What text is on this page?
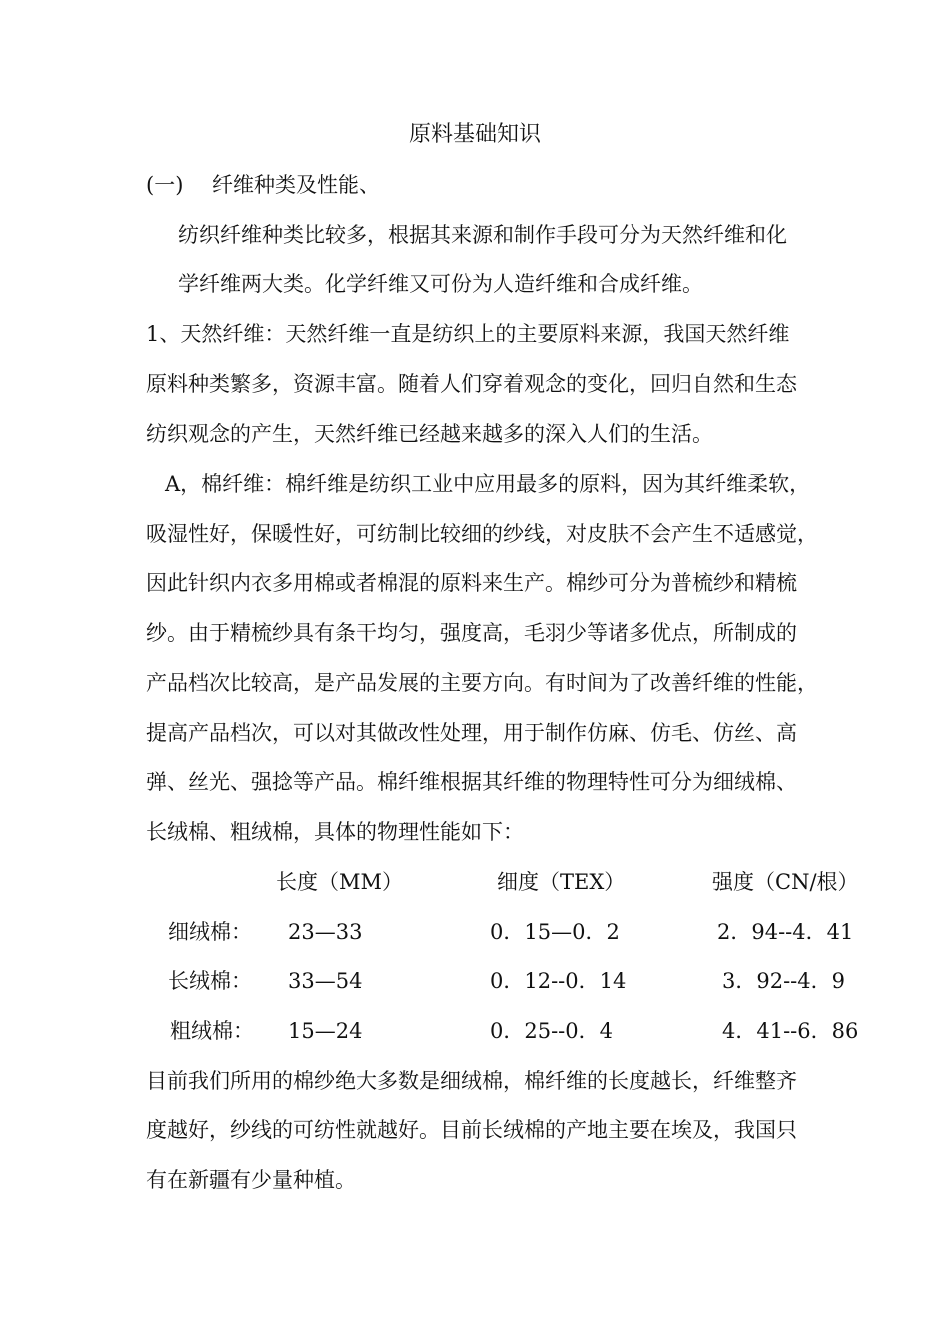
原料基础知识
(一) 纤维种类及性能、
纺织纤维种类比较多，根据其来源和制作手段可分为天然纤维和化
学纤维两大类。化学纤维又可份为人造纤维和合成纤维。
1、天然纤维：天然纤维一直是纺织上的主要原料来源，我国天然纤维
原料种类繁多，资源丰富。随着人们穿着观念的变化，回归自然和生态
纺织观念的产生，天然纤维已经越来越多的深入人们的生活。
A，棉纤维：棉纤维是纺织工业中应用最多的原料，因为其纤维柔软，
吸湿性好，保暖性好，可纺制比较细的纱线，对皮肤不会产生不适感觉，
因此针织内衣多用棉或者棉混的原料来生产。棉纱可分为普梳纱和精梳
纱。由于精梳纱具有条干均匀，强度高，毛羽少等诸多优点，所制成的
产品档次比较高，是产品发展的主要方向。有时间为了改善纤维的性能，
提高产品档次，可以对其做改性处理，用于制作仿麻、仿毛、仿丝、高
弹、丝光、强捻等产品。棉纤维根据其纤维的物理特性可分为细绒棉、
长绒棉、粗绒棉，具体的物理性能如下：
长度（MM）	细度（TEX）	强度（CN/根）
细绒棉： 23—33	0．15—0．2	2．94--4．41
长绒棉： 33—54	0．12--0．14	3．92--4．9
粗绒棉： 15—24	0．25--0．4	4．41--6．86
目前我们所用的棉纱绝大多数是细绒棉，棉纤维的长度越长，纤维整齐
度越好，纱线的可纺性就越好。目前长绒棉的产地主要在埃及，我国只
有在新疆有少量种植。
